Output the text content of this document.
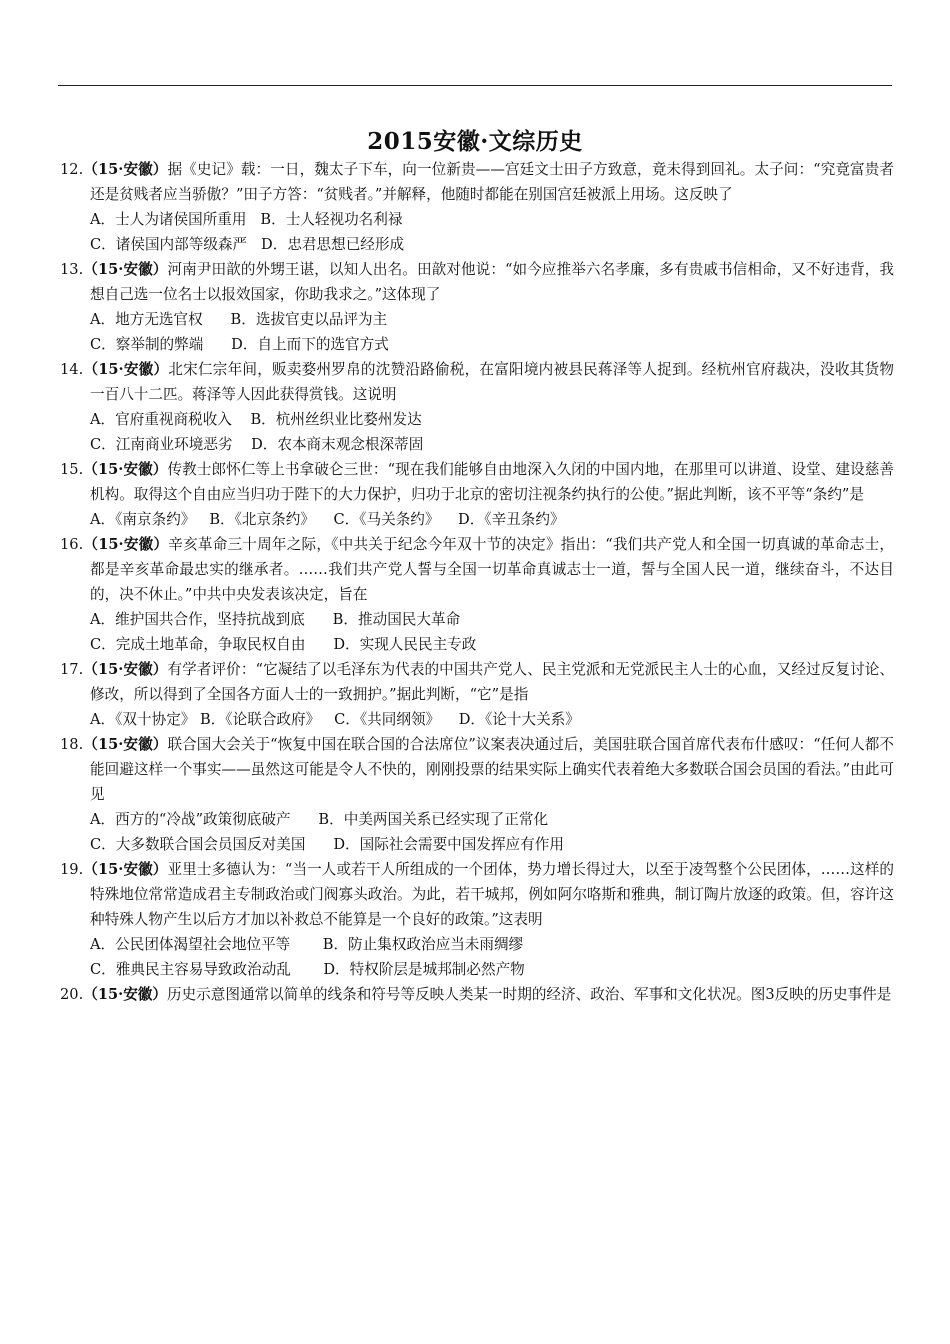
2015安徽·文综历史
12.（15·安徽）据《史记》载：一日，魏太子下车，向一位新贵——宫廷文士田子方致意，竟未得到回礼。太子问：“究竟富贵者还是贫贱者应当骄傲？”田子方答：“贫贱者。”并解释，他随时都能在别国宫廷被派上用场。这反映了
A．士人为诸侯国所重用   B．士人轻视功名利禄
C．诸侯国内部等级森严   D．忠君思想已经形成
13.（15·安徽）河南尹田歆的外甥王谌，以知人出名。田歆对他说：“如今应推举六名孝廉，多有贵戚书信相命，又不好违背，我想自己选一位名士以报效国家，你助我求之。”这体现了
A．地方无选官权      B．选拔官吏以品评为主
C．察举制的弊端      D．自上而下的选官方式
14.（15·安徽）北宋仁宗年间，贩卖婺州罗帛的沈赞沿路偷税，在富阳境内被县民蒋泽等人捉到。经杭州官府裁决，没收其货物一百八十二匹。蒋泽等人因此获得赏钱。这说明
A．官府重视商税收入    B．杭州丝织业比婺州发达
C．江南商业环境恶劣    D．农本商末观念根深蒂固
15.（15·安徽）传教士郎怀仁等上书拿破仑三世：“现在我们能够自由地深入久闭的中国内地，在那里可以讲道、设堂、建设慈善机构。取得这个自由应当归功于陛下的大力保护，归功于北京的密切注视条约执行的公使。”据此判断，该不平等“条约”是
A．《南京条约》   B．《北京条约》    C．《马关条约》    D．《辛丑条约》
16.（15·安徽）辛亥革命三十周年之际，《中共关于纪念今年双十节的决定》指出：“我们共产党人和全国一切真诚的革命志士，都是辛亥革命最忠实的继承者。……我们共产党人誓与全国一切革命真诚志士一道，誓与全国人民一道，继续奋斗，不达目的，决不休止。”中共中央发表该决定，旨在
A．维护国共合作，坚持抗战到底      B．推动国民大革命
C．完成土地革命，争取民权自由      D．实现人民民主专政
17.（15·安徽）有学者评价：“它凝结了以毛泽东为代表的中国共产党人、民主党派和无党派民主人士的心血，又经过反复讨论、修改，所以得到了全国各方面人士的一致拥护。”据此判断，“它”是指
A．《双十协定》 B．《论联合政府》   C．《共同纲领》    D．《论十大关系》
18.（15·安徽）联合国大会关于“恢复中国在联合国的合法席位”议案表决通过后，美国驻联合国首席代表布什感叹：“任何人都不能回避这样一个事实——虽然这可能是令人不快的，刚刚投票的结果实际上确实代表着绝大多数联合国会员国的看法。”由此可见
A．西方的“冷战”政策彻底破产      B．中美两国关系已经实现了正常化
C．大多数联合国会员国反对美国      D．国际社会需要中国发挥应有作用
19.（15·安徽）亚里士多德认为：“当一人或若干人所组成的一个团体，势力增长得过大，以至于凌驾整个公民团体，……这样的特殊地位常常造成君主专制政治或门阀寡头政治。为此，若干城邦，例如阿尔咯斯和雅典，制订陶片放逐的政策。但，容许这种特殊人物产生以后方才加以补救总不能算是一个良好的政策。”这表明
A．公民团体渴望社会地位平等       B．防止集权政治应当未雨绸缪
C．雅典民主容易导致政治动乱       D．特权阶层是城邦制必然产物
20.（15·安徽）历史示意图通常以简单的线条和符号等反映人类某一时期的经济、政治、军事和文化状况。图3反映的历史事件是
